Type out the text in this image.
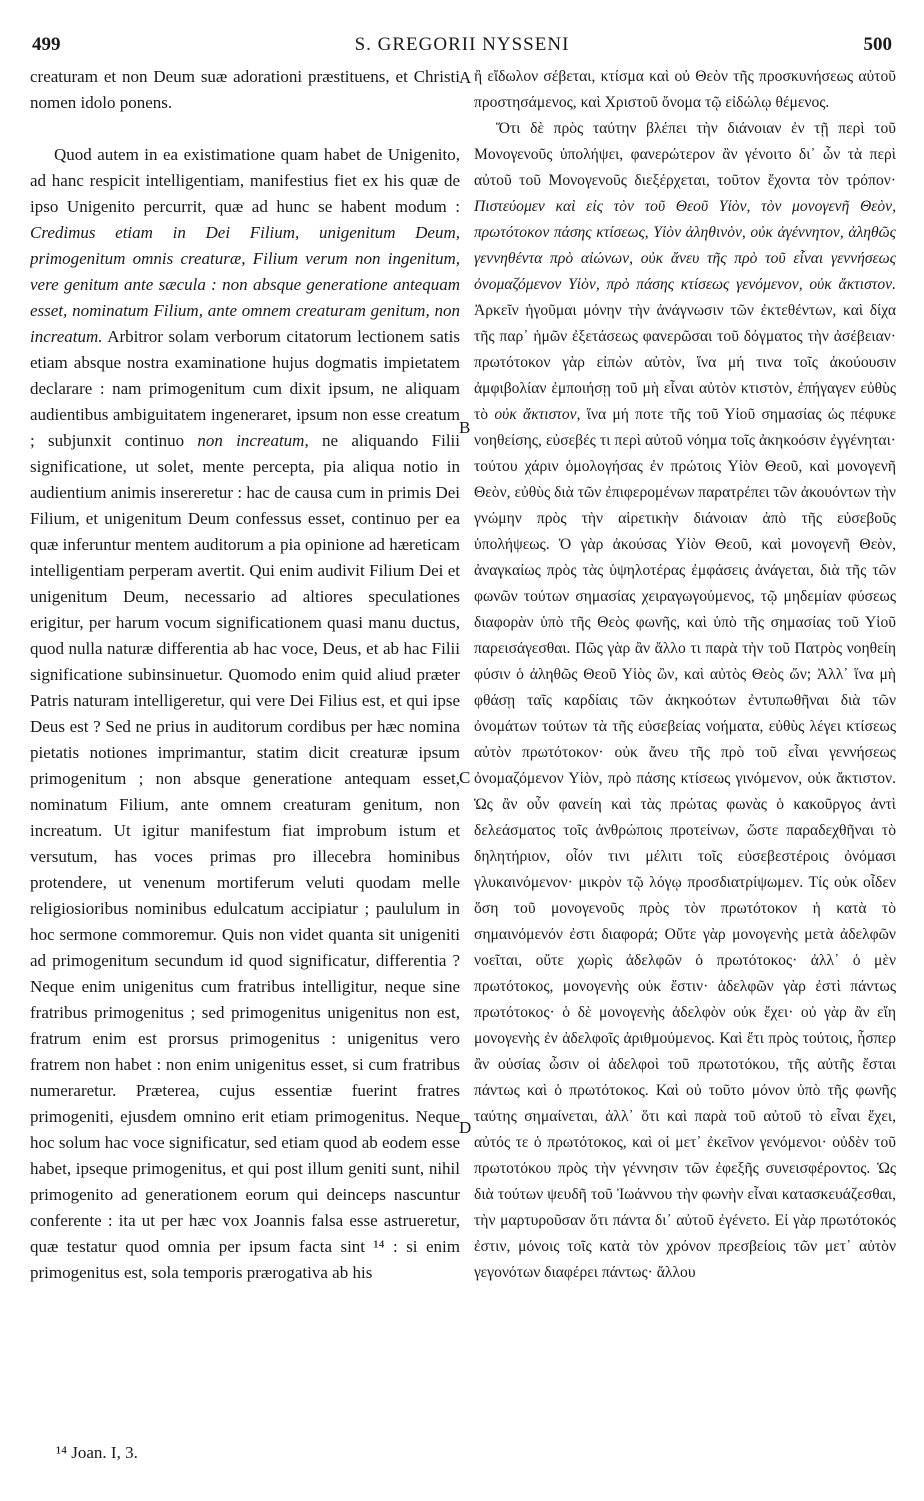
499	S. GREGORII NYSSENI	500

creaturam et non Deum suæ adorationi præstituens, et Christi nomen idolo ponens.

Quod autem in ea existimatione quam habet de Unigenito, ad hanc respicit intelligentiam, manifestius fiet ex his quæ de ipso Unigenito percurrit, quæ ad hunc se habent modum : Credimus etiam in Dei Filium, unigenitum Deum, primogenitum omnis creaturæ, Filium verum non ingenitum, vere genitum ante sæcula : non absque generatione antequam esset, nominatum Filium, ante omnem creaturam genitum, non increatum. Arbitror solam verborum citatorum lectionem satis etiam absque nostra examinatione hujus dogmatis impietatem declarare : nam primogenitum cum dixit ipsum, ne aliquam audientibus ambiguitatem ingeneraret, ipsum non esse creatum ; subjunxit continuo non increatum, ne aliquando Filii significatione, ut solet, mente percepta, pia aliqua notio in audientium animis insereretur : hac de causa cum in primis Dei Filium, et unigenitum Deum confessus esset, continuo per ea quæ inferuntur mentem auditorum a pia opinione ad hæreticam intelligentiam perperam avertit. Qui enim audivit Filium Dei et unigenitum Deum, necessario ad altiores speculationes erigitur, per harum vocum significationem quasi manu ductus, quod nulla naturæ differentia ab hac voce, Deus, et ab hac Filii significatione subinsinuetur. Quomodo enim quid aliud præter Patris naturam intelligeretur, qui vere Dei Filius est, et qui ipse Deus est ? Sed ne prius in auditorum cordibus per hæc nomina pietatis notiones imprimantur, statim dicit creaturæ ipsum primogenitum ; non absque generatione antequam esset, nominatum Filium, ante omnem creaturam genitum, non increatum. Ut igitur manifestum fiat improbum istum et versutum, has voces primas pro illecebra hominibus protendere, ut venenum mortiferum veluti quodam melle religiosioribus nominibus edulcatum accipiatur ; paululum in hoc sermone commoremur. Quis non videt quanta sit unigeniti ad primogenitum secundum id quod significatur, differentia ? Neque enim unigenitus cum fratribus intelligitur, neque sine fratribus primogenitus ; sed primogenitus unigenitus non est, fratrum enim est prorsus primogenitus : unigenitus vero fratrem non habet : non enim unigenitus esset, si cum fratribus numeraretur. Præterea, cujus essentiæ fuerint fratres primogeniti, ejusdem omnino erit etiam primogenitus. Neque hoc solum hac voce significatur, sed etiam quod ab eodem esse habet, ipseque primogenitus, et qui post illum geniti sunt, nihil primogenito ad generationem eorum qui deinceps nascuntur conferente : ita ut per hæc vox Joannis falsa esse astrueretur, quæ testatur quod omnia per ipsum facta sint ¹⁴ : si enim primogenitus est, sola temporis prærogativa ab his

A
B
C
D

ἢ εἴδωλον σέβεται, κτίσμα καὶ οὐ Θεὸν τῆς προσκυνήσεως αὐτοῦ προστησάμενος, καὶ Χριστοῦ ὄνομα τῷ εἰδώλῳ θέμενος.

Ὅτι δὲ πρὸς ταύτην βλέπει τὴν διάνοιαν ἐν τῇ περὶ τοῦ Μονογενοῦς ὑπολήψει, φανερώτερον ἂν γένοιτο δι᾽ ὧν τὰ περὶ αὐτοῦ τοῦ Μονογενοῦς διεξέρχεται, τοῦτον ἔχοντα τὸν τρόπον· Πιστεύομεν καὶ εἰς τὸν τοῦ Θεοῦ Υἱὸν, τὸν μονογενῆ Θεὸν, πρωτότοκον πάσης κτίσεως, Υἱὸν ἀληθινὸν, οὐκ ἀγέννητον, ἀληθῶς γεννηθέντα πρὸ αἰώνων, οὐκ ἄνευ τῆς πρὸ τοῦ εἶναι γεννήσεως ὀνομαζόμενον Υἱὸν, πρὸ πάσης κτίσεως γενόμενον, οὐκ ἄκτιστον. Ἀρκεῖν ἡγοῦμαι μόνην τὴν ἀνάγνωσιν τῶν ἐκτεθέντων, καὶ δίχα τῆς παρ᾽ ἡμῶν ἐξετάσεως φανερῶσαι τοῦ δόγματος τὴν ἀσέβειαν· πρωτότοκον γὰρ εἰπὼν αὐτὸν, ἵνα μή τινα τοῖς ἀκούουσιν ἀμφιβολίαν ἐμποιήσῃ τοῦ μὴ εἶναι αὐτὸν κτιστὸν, ἐπήγαγεν εὐθὺς τὸ οὐκ ἄκτιστον, ἵνα μή ποτε τῆς τοῦ Υἱοῦ σημασίας ὡς πέφυκε νοηθείσης, εὐσεβές τι περὶ αὐτοῦ νόημα τοῖς ἀκηκοόσιν ἐγγένηται· τούτου χάριν ὁμολογήσας ἐν πρώτοις Υἱὸν Θεοῦ, καὶ μονογενῆ Θεὸν, εὐθὺς διὰ τῶν ἐπιφερομένων παρατρέπει τῶν ἀκουόντων τὴν γνώμην πρὸς τὴν αἱρετικὴν διάνοιαν ἀπὸ τῆς εὐσεβοῦς ὑπολήψεως. Ὁ γὰρ ἀκούσας Υἱὸν Θεοῦ, καὶ μονογενῆ Θεὸν, ἀναγκαίως πρὸς τὰς ὑψηλοτέρας ἐμφάσεις ἀνάγεται, διὰ τῆς τῶν φωνῶν τούτων σημασίας χειραγωγούμενος, τῷ μηδεμίαν φύσεως διαφορὰν ὑπὸ τῆς Θεὸς φωνῆς, καὶ ὑπὸ τῆς σημασίας τοῦ Υἱοῦ παρεισάγεσθαι. Πῶς γὰρ ἂν ἄλλο τι παρὰ τὴν τοῦ Πατρὸς νοηθείη φύσιν ὁ ἀληθῶς Θεοῦ Υἱὸς ὢν, καὶ αὐτὸς Θεὸς ὤν; Ἀλλ᾽ ἵνα μὴ φθάσῃ ταῖς καρδίαις τῶν ἀκηκοότων ἐντυπωθῆναι διὰ τῶν ὀνομάτων τούτων τὰ τῆς εὐσεβείας νοήματα, εὐθὺς λέγει κτίσεως αὐτὸν πρωτότοκον· οὐκ ἄνευ τῆς πρὸ τοῦ εἶναι γεννήσεως ὀνομαζόμενον Υἱὸν, πρὸ πάσης κτίσεως γινόμενον, οὐκ ἄκτιστον. Ὡς ἂν οὖν φανείη καὶ τὰς πρώτας φωνὰς ὁ κακοῦργος ἀντὶ δελεάσματος τοῖς ἀνθρώποις προτείνων, ὥστε παραδεχθῆναι τὸ δηλητήριον, οἷόν τινι μέλιτι τοῖς εὐσεβεστέροις ὀνόμασι γλυκαινόμενον· μικρὸν τῷ λόγῳ προσδιατρίψωμεν. Τίς οὐκ οἶδεν ὅση τοῦ μονογενοῦς πρὸς τὸν πρωτότοκον ἡ κατὰ τὸ σημαινόμενόν ἐστι διαφορά; Οὔτε γὰρ μονογενὴς μετὰ ἀδελφῶν νοεῖται, οὔτε χωρὶς ἀδελφῶν ὁ πρωτότοκος· ἀλλ᾽ ὁ μὲν πρωτότοκος, μονογενὴς οὐκ ἔστιν· ἀδελφῶν γὰρ ἐστὶ πάντως πρωτότοκος· ὁ δὲ μονογενὴς ἀδελφὸν οὐκ ἔχει· οὐ γὰρ ἂν εἴη μονογενὴς ἐν ἀδελφοῖς ἀριθμούμενος. Καὶ ἔτι πρὸς τούτοις, ἧσπερ ἂν οὐσίας ὦσιν οἱ ἀδελφοὶ τοῦ πρωτοτόκου, τῆς αὐτῆς ἔσται πάντως καὶ ὁ πρωτότοκος. Καὶ οὐ τοῦτο μόνον ὑπὸ τῆς φωνῆς ταύτης σημαίνεται, ἀλλ᾽ ὅτι καὶ παρὰ τοῦ αὐτοῦ τὸ εἶναι ἔχει, αὐτός τε ὁ πρωτότοκος, καὶ οἱ μετ᾽ ἐκεῖνον γενόμενοι· οὐδὲν τοῦ πρωτοτόκου πρὸς τὴν γέννησιν τῶν ἐφεξῆς συνεισφέροντος. Ὡς διὰ τούτων ψευδῆ τοῦ Ἰωάννου τὴν φωνὴν εἶναι κατασκευάζεσθαι, τὴν μαρτυροῦσαν ὅτι πάντα δι᾽ αὐτοῦ ἐγένετο. Εἰ γὰρ πρωτότοκός ἐστιν, μόνοις τοῖς κατὰ τὸν χρόνον πρεσβείοις τῶν μετ᾽ αὐτὸν γεγονότων διαφέρει πάντως· ἄλλου

¹⁴ Joan. I, 3.
